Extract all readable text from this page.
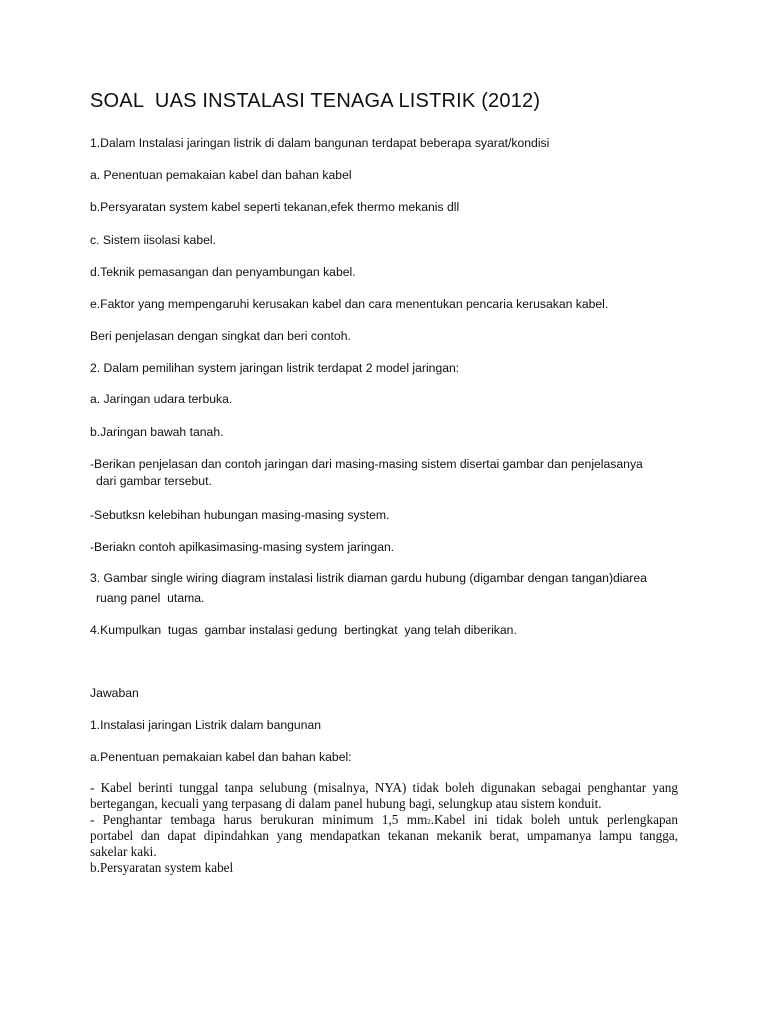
SOAL  UAS INSTALASI TENAGA LISTRIK (2012)
1.Dalam Instalasi jaringan listrik di dalam bangunan terdapat beberapa syarat/kondisi
a. Penentuan pemakaian kabel dan bahan kabel
b.Persyaratan system kabel seperti tekanan,efek thermo mekanis dll
c. Sistem iisolasi kabel.
d.Teknik pemasangan dan penyambungan kabel.
e.Faktor yang mempengaruhi kerusakan kabel dan cara menentukan pencaria kerusakan kabel.
Beri penjelasan dengan singkat dan beri contoh.
2. Dalam pemilihan system jaringan listrik terdapat 2 model jaringan:
a. Jaringan udara terbuka.
b.Jaringan bawah tanah.
-Berikan penjelasan dan contoh jaringan dari masing-masing sistem disertai gambar dan penjelasanya
dari gambar tersebut.
-Sebutksn kelebihan hubungan masing-masing system.
-Beriakn contoh apilkasimasing-masing system jaringan.
3. Gambar single wiring diagram instalasi listrik diaman gardu hubung (digambar dengan tangan)diarea
ruang panel  utama.
4.Kumpulkan  tugas  gambar instalasi gedung  bertingkat  yang telah diberikan.
Jawaban
1.Instalasi jaringan Listrik dalam bangunan
a.Penentuan pemakaian kabel dan bahan kabel:
- Kabel berinti tunggal tanpa selubung (misalnya, NYA) tidak boleh digunakan sebagai penghantar yang
bertegangan, kecuali yang terpasang di dalam panel hubung bagi, selungkup atau sistem konduit.
- Penghantar tembaga harus berukuran minimum 1,5 mm2.Kabel ini tidak boleh untuk perlengkapan
portabel dan dapat dipindahkan yang mendapatkan tekanan mekanik berat, umpamanya lampu tangga,
sakelar kaki.
b.Persyaratan system kabel
